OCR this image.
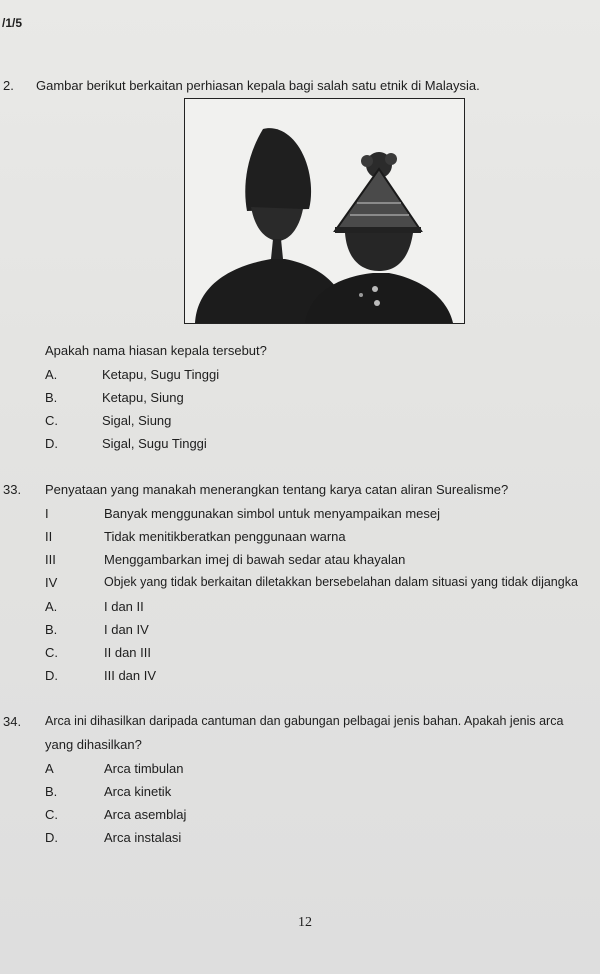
/1/5
2. Gambar berikut berkaitan perhiasan kepala bagi salah satu etnik di Malaysia.
Apakah nama hiasan kepala tersebut?
A.	Ketapu, Sugu Tinggi
B.	Ketapu, Siung
C.	Sigal, Siung
D.	Sigal, Sugu Tinggi
33. Penyataan yang manakah menerangkan tentang karya catan aliran Surealisme?
I	Banyak menggunakan simbol untuk menyampaikan mesej
II	Tidak menitikberatkan penggunaan warna
III	Menggambarkan imej di bawah sedar atau khayalan
IV	Objek yang tidak berkaitan diletakkan bersebelahan dalam situasi yang tidak dijangka
A.	I dan II
B.	I dan IV
C.	II dan III
D.	III dan IV
34. Arca ini dihasilkan daripada cantuman dan gabungan pelbagai jenis bahan. Apakah jenis arca
yang dihasilkan?
A	Arca timbulan
B.	Arca kinetik
C.	Arca asemblaj
D.	Arca instalasi
12
